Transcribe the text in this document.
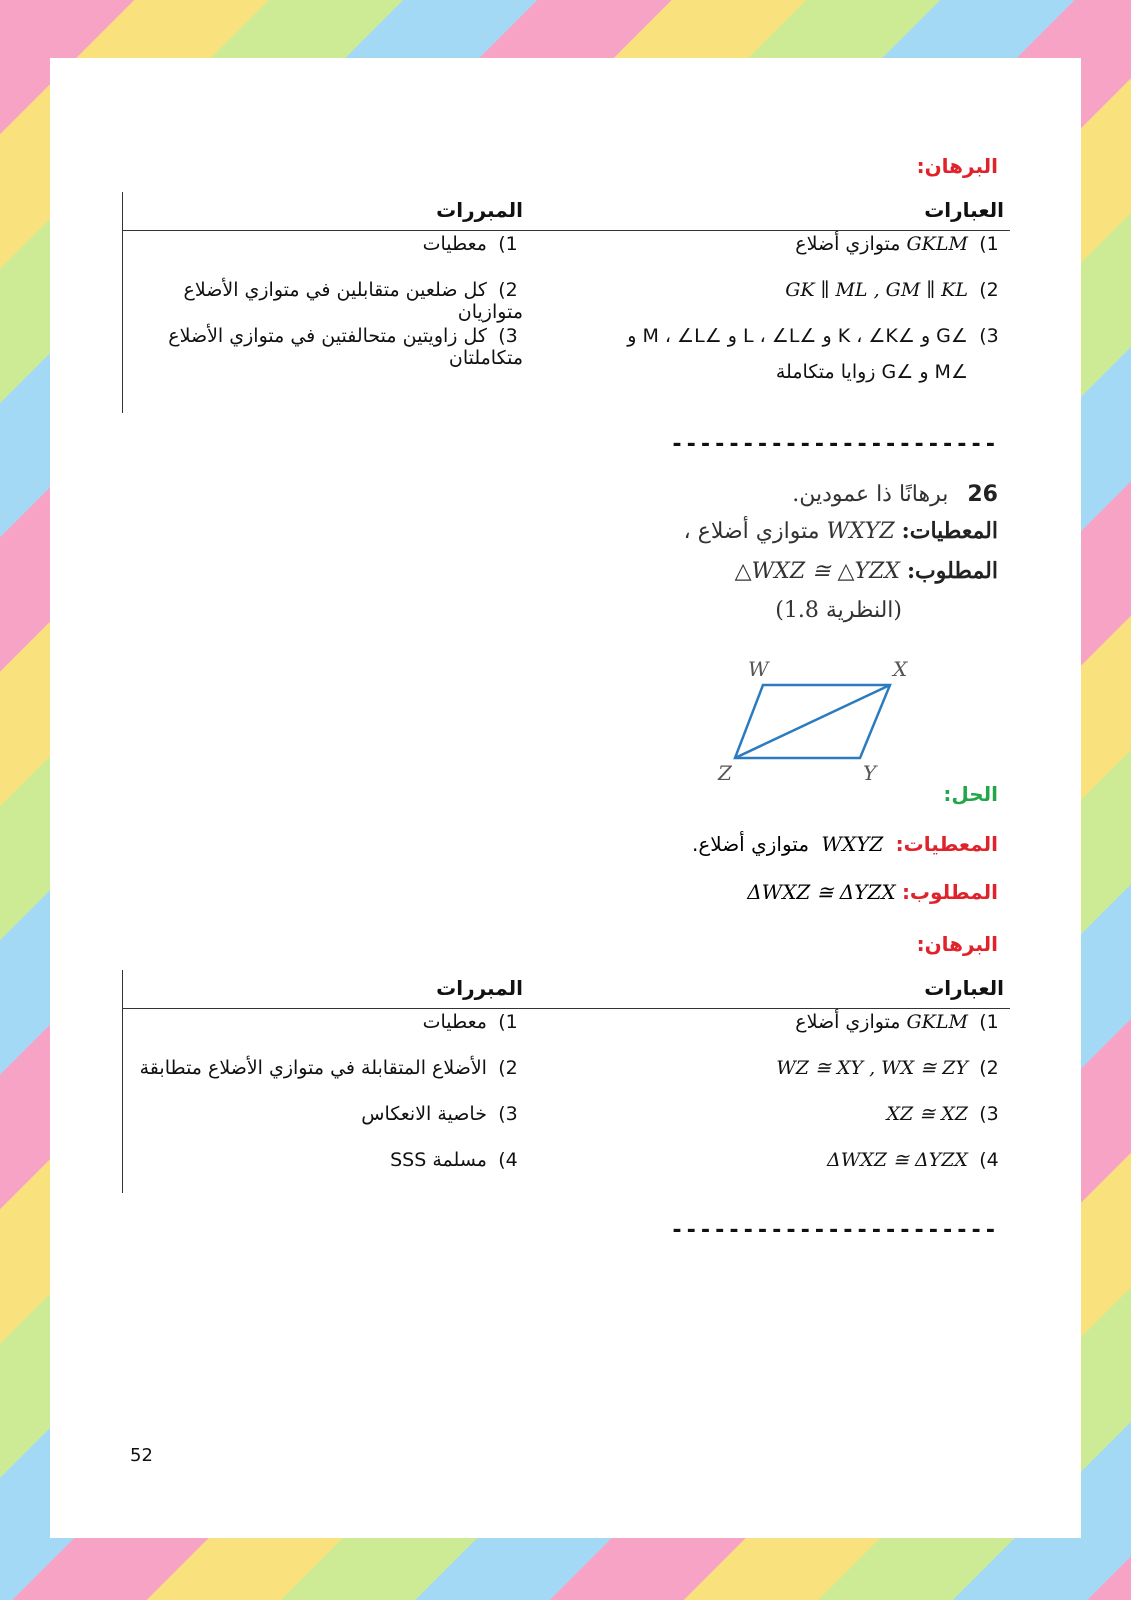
البرهان:
العبارات	المبررات
1) GKLM متوازي أضلاع	1) معطيات
2) GK ∥ ML , GM ∥ KL	2) كل ضلعين متقابلين في متوازي الأضلاع متوازيان

3) ∠G و ∠K ، ∠K و ∠L ، ∠L و ∠M ، ∠L و
∠M و ∠G زوايا متكاملة	3) كل زاويتين متحالفتين في متوازي الأضلاع متكاملتان
-----------------------
26 برهانًا ذا عمودين.
المعطيات: WXYZ متوازي أضلاع ،
المطلوب: △WXZ ≅ △YZX
(النظرية 1.8)
W	X
Z	Y
الحل:
المعطيات: WXYZ متوازي أضلاع.
المطلوب: ΔWXZ ≅ ΔYZX
البرهان:
العبارات	المبررات
1) GKLM متوازي أضلاع	1) معطيات
2) WZ ≅ XY , WX ≅ ZY	2) الأضلاع المتقابلة في متوازي الأضلاع متطابقة
3) XZ ≅ XZ	3) خاصية الانعكاس
4) ΔWXZ ≅ ΔYZX	4) مسلمة SSS
-----------------------
52
